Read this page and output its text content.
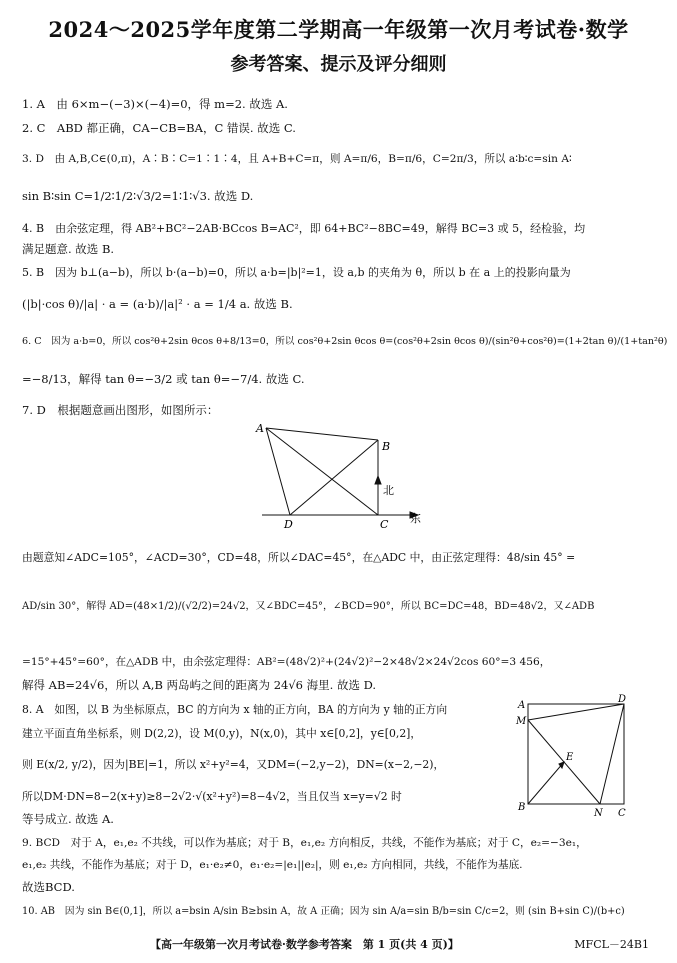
2024～2025学年度第二学期高一年级第一次月考试卷·数学
参考答案、提示及评分细则
1. A　由 6×m−(−3)×(−4)=0，得 m=2. 故选 A.
2. C　ABD 都正确，CA−CB=BA，C 错误. 故选 C.
3. D　由 A,B,C∈(0,π)，A∶B∶C=1∶1∶4，且 A+B+C=π，则 A=π/6，B=π/6，C=2π/3，所以 a∶b∶c=sin A∶
sin B∶sin C=1/2∶1/2∶√3/2=1∶1∶√3. 故选 D.
4. B　由余弦定理，得 AB²+BC²−2AB·BCcos B=AC²，即 64+BC²−8BC=49，解得 BC=3 或 5，经检验，均
满足题意. 故选 B.
5. B　因为 b⊥(a−b)，所以 b·(a−b)=0，所以 a·b=|b|²=1，设 a,b 的夹角为 θ，所以 b 在 a 上的投影向量为
(|b|·cos θ)/|a| · a = (a·b)/|a|² · a = 1/4 a. 故选 B.
6. C　因为 a·b=0，所以 cos²θ+2sin θcos θ+8/13=0，所以 cos²θ+2sin θcos θ=(cos²θ+2sin θcos θ)/(sin²θ+cos²θ)=(1+2tan θ)/(1+tan²θ)
=−8/13，解得 tan θ=−3/2 或 tan θ=−7/4. 故选 C.
7. D　根据题意画出图形，如图所示：
A
B
C
D
北
东
由题意知∠ADC=105°，∠ACD=30°，CD=48，所以∠DAC=45°，在△ADC 中，由正弦定理得：48/sin 45° =
AD/sin 30°，解得 AD=(48×1/2)/(√2/2)=24√2，又∠BDC=45°，∠BCD=90°，所以 BC=DC=48，BD=48√2，又∠ADB
=15°+45°=60°，在△ADB 中，由余弦定理得：AB²=(48√2)²+(24√2)²−2×48√2×24√2cos 60°=3 456，
解得 AB=24√6，所以 A,B 两岛屿之间的距离为 24√6 海里. 故选 D.
8. A　如图，以 B 为坐标原点，BC 的方向为 x 轴的正方向，BA 的方向为 y 轴的正方向
建立平面直角坐标系，则 D(2,2)，设 M(0,y)，N(x,0)，其中 x∈[0,2]，y∈[0,2]，
则 E(x/2, y/2)，因为|BE|=1，所以 x²+y²=4，又DM=(−2,y−2)，DN=(x−2,−2)，
所以DM·DN=8−2(x+y)≥8−2√2·√(x²+y²)=8−4√2，当且仅当 x=y=√2 时
等号成立. 故选 A.
A
M
D
E
B
N C
9. BCD　对于 A，e₁,e₂ 不共线，可以作为基底；对于 B，e₁,e₂ 方向相反，共线，不能作为基底；对于 C，e₂=−3e₁，
e₁,e₂ 共线，不能作为基底；对于 D，e₁·e₂≠0，e₁·e₂=|e₁||e₂|，则 e₁,e₂ 方向相同，共线，不能作为基底.
故选BCD.
10. AB　因为 sin B∈(0,1]，所以 a=bsin A/sin B≥bsin A，故 A 正确；因为 sin A/a=sin B/b=sin C/c=2，则 (sin B+sin C)/(b+c)
【高一年级第一次月考试卷·数学参考答案　第 1 页(共 4 页)】	MFCL－24B1
